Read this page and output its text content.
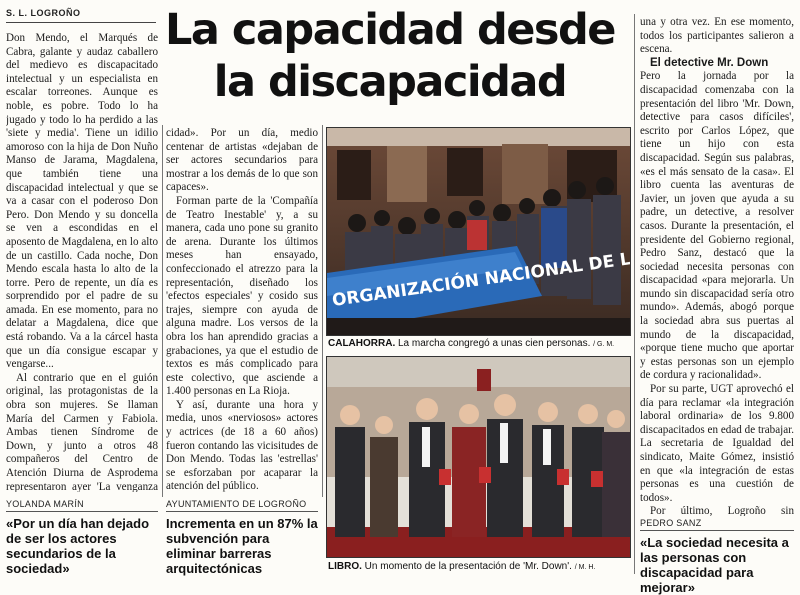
S. L. LOGROÑO La capacidad desde
la discapacidad

Don Mendo, el Marqués de Cabra, galante y audaz caballero del medievo es discapacitado intelectual y un especialista en escalar torreones. Aunque es noble, es pobre. Todo lo ha jugado y todo lo ha perdido a las 'siete y media'. Tiene un idilio amoroso con la hija de Don Nuño Manso de Jarama, Magdalena, que también tiene una discapacidad intelectual y que se va a casar con el poderoso Don Pero. Don Mendo y su doncella se ven a escondidas en el aposento de Magdalena, en lo alto de un castillo. Cada noche, Don Mendo escala hasta lo alto de la torre. Pero de repente, un día es sorprendido por el padre de su amada. En ese momento, para no delatar a Magdalena, dice que está robando. Va a la cárcel hasta que un día consigue escapar y vengarse...

Al contrario que en el guión original, las protagonistas de la obra son mujeres. Se llaman María del Carmen y Fabiola. Ambas tienen Síndrome de Down, y junto a otros 48 compañeros del Centro de Atención Diurna de Asprodema representaron ayer 'La venganza

cidad». Por un día, medio centenar de artistas «dejaban de ser actores secundarios para mostrar a los demás de lo que son capaces».

Forman parte de la 'Compañía de Teatro Inestable' y, a su manera, cada uno pone su granito de arena. Durante los últimos meses han ensayado, confeccionado el atrezzo para la representación, diseñado los 'efectos especiales' y cosido sus trajes, siempre con ayuda de alguna madre. Los versos de la obra los han aprendido gracias a grabaciones, ya que el estudio de textos es más complicado para este colectivo, que asciende a 1.400 personas en La Rioja.

Y así, durante una hora y media, unos «nerviosos» actores y actrices (de 18 a 60 años) fueron contando las vicisitudes de Don Mendo. Todas las 'estrellas' se esforzaban por acaparar la atención del público.

ORGANIZACIÓN NACIONAL DE LAS
CALAHORRA. La marcha congregó a unas cien personas. / G. M.
LIBRO. Un momento de la presentación de 'Mr. Down'. / M. H.

una y otra vez. En ese momento, todos los participantes salieron a escena.

El detective Mr. Down

Pero la jornada por la discapacidad comenzaba con la presentación del libro 'Mr. Down, detective para casos difíciles', escrito por Carlos López, que tiene un hijo con esta discapacidad. Según sus palabras, «es el más sensato de la casa». El libro cuenta las aventuras de Javier, un joven que ayuda a su padre, un detective, a resolver casos. Durante la presentación, el presidente del Gobierno regional, Pedro Sanz, destacó que la sociedad necesita personas con discapacidad «para mejorarla. Un mundo sin discapacidad sería otro mundo». Además, abogó porque la sociedad abra sus puertas al mundo de la discapacidad, «porque tiene mucho que aportar y estas personas son un ejemplo de cordura y racionalidad».

Por su parte, UGT aprovechó el día para reclamar «la integración laboral ordinaria» de los 9.800 discapacitados en edad de trabajar. La secretaria de Igualdad del sindicato, Maite Gómez, insistió en que «la integración de estas personas es una cuestión de todos».

Por último, Logroño sin

YOLANDA MARÍN
«Por un día han dejado de ser los actores secundarios de la sociedad»
AYUNTAMIENTO DE LOGROÑO
Incrementa en un 87% la subvención para eliminar barreras arquitectónicas
PEDRO SANZ
«La sociedad necesita a las personas con discapacidad para mejorar»
